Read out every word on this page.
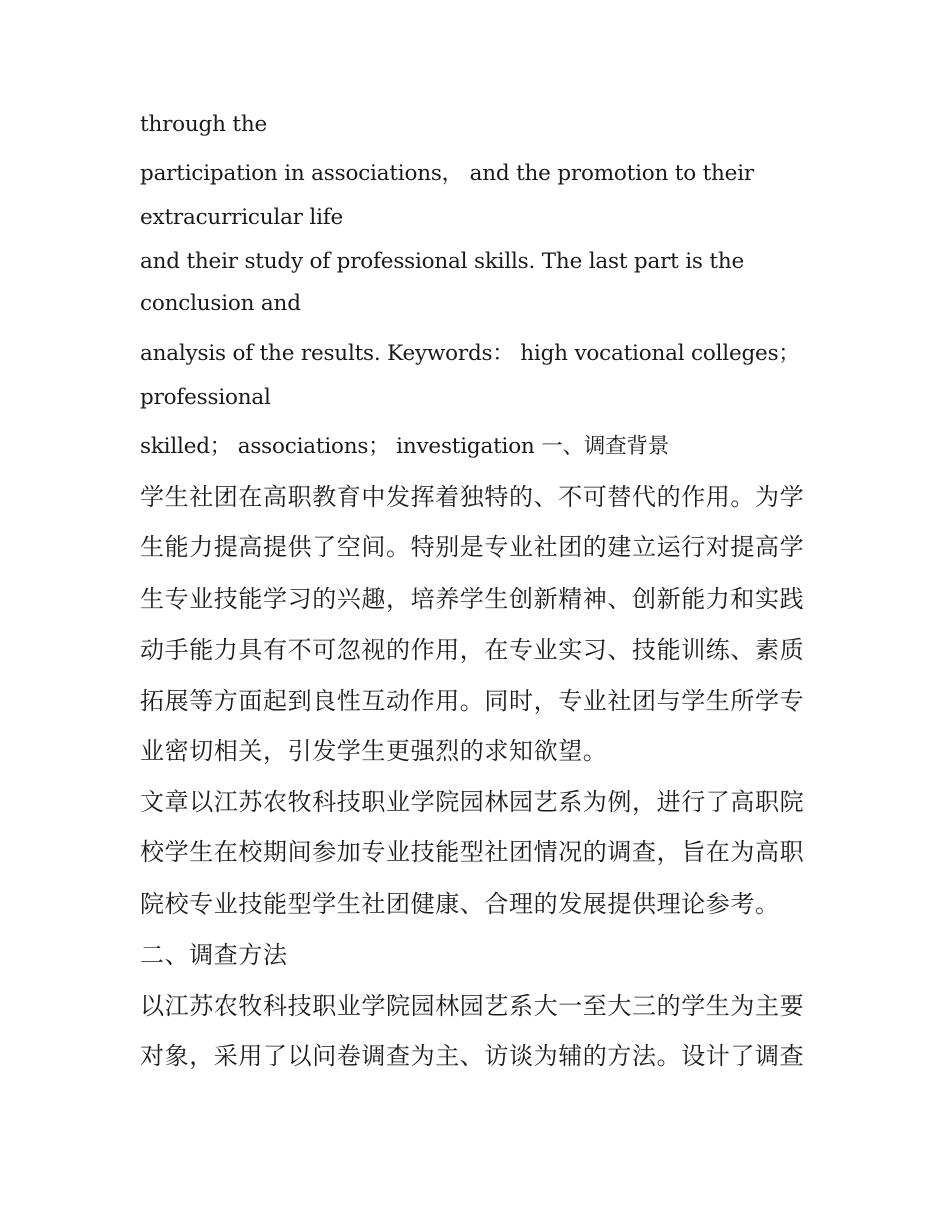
through the

participation in associations， and the promotion to their

extracurricular life

and their study of professional skills. The last part is the

conclusion and

analysis of the results. Keywords： high vocational colleges；

professional

skilled； associations； investigation 一、调查背景

学生社团在高职教育中发挥着独特的、不可替代的作用。为学

生能力提高提供了空间。特别是专业社团的建立运行对提高学

生专业技能学习的兴趣，培养学生创新精神、创新能力和实践

动手能力具有不可忽视的作用，在专业实习、技能训练、素质

拓展等方面起到良性互动作用。同时，专业社团与学生所学专

业密切相关，引发学生更强烈的求知欲望。

文章以江苏农牧科技职业学院园林园艺系为例，进行了高职院

校学生在校期间参加专业技能型社团情况的调查，旨在为高职

院校专业技能型学生社团健康、合理的发展提供理论参考。

二、调查方法

以江苏农牧科技职业学院园林园艺系大一至大三的学生为主要

对象，采用了以问卷调查为主、访谈为辅的方法。设计了调查
